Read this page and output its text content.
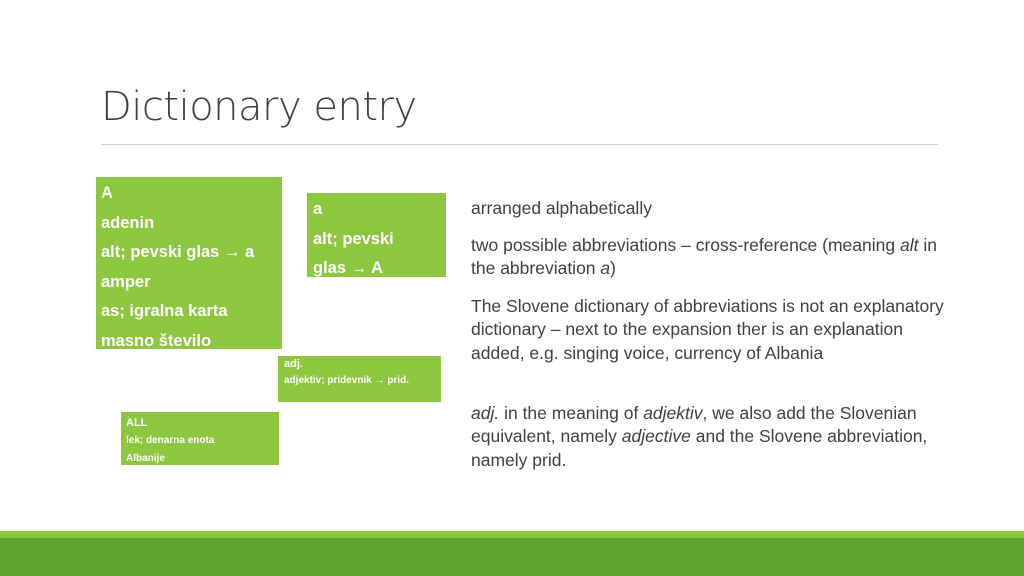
Dictionary entry
A
adenin
alt; pevski glas → a
amper
as; igralna karta
masno število
a
alt; pevski
glas → A
adj.
adjektiv; pridevnik → prid.
ALL
lek; denarna enota
Albanije

arranged alphabetically

two possible abbreviations – cross-reference (meaning alt in the abbreviation a)

The Slovene dictionary of abbreviations is not an explanatory dictionary – next to the expansion ther is an explanation added, e.g. singing voice, currency of Albania

adj. in the meaning of adjektiv, we also add the Slovenian equivalent, namely adjective and the Slovene abbreviation, namely prid.
